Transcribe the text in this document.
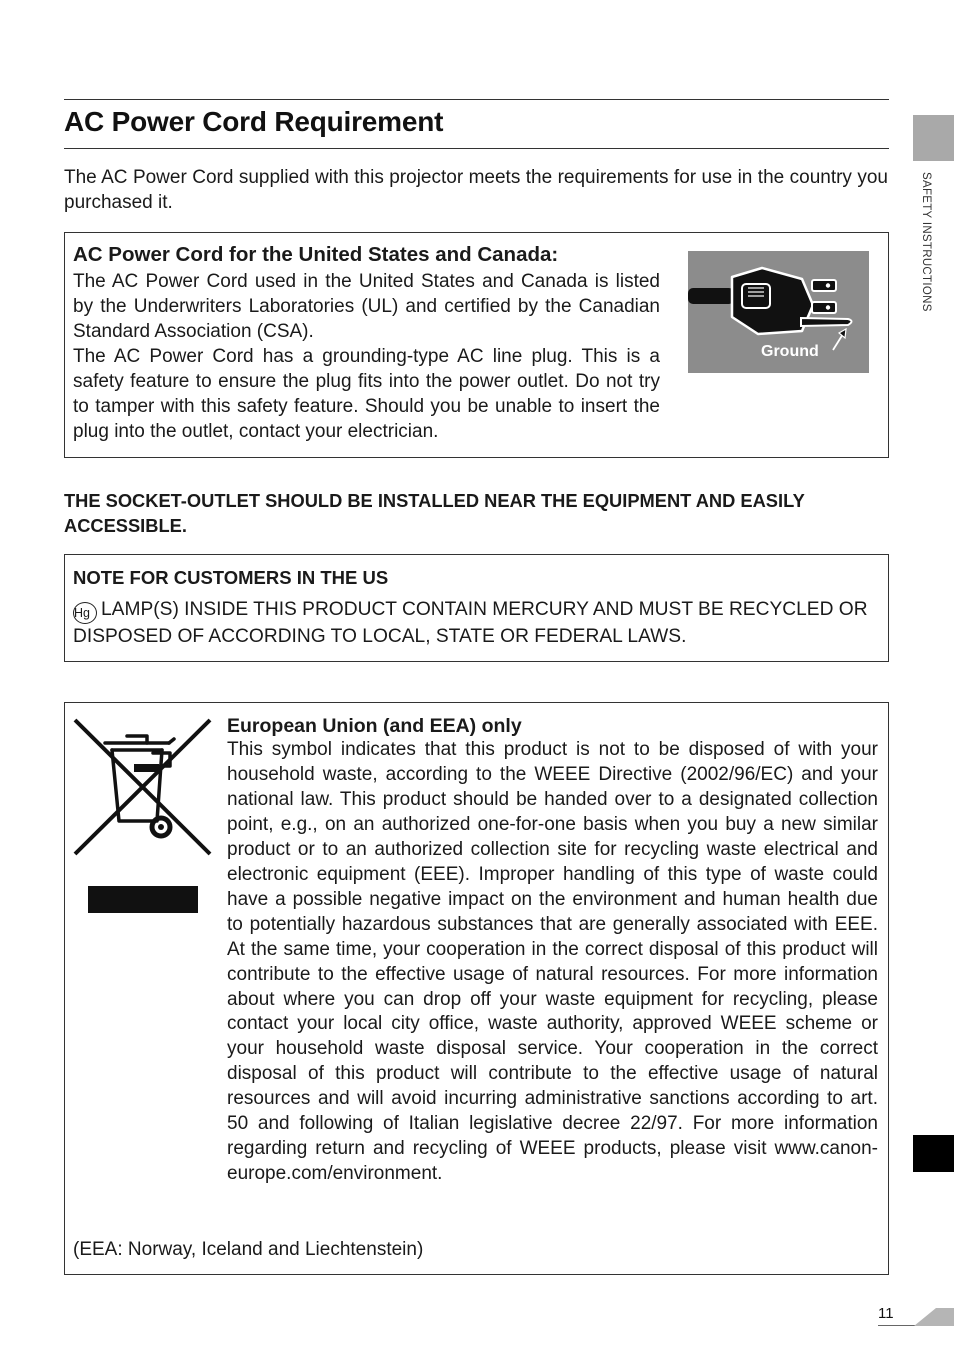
AC Power Cord Requirement

The AC Power Cord supplied with this projector meets the requirements for use in the country you purchased it.

AC Power Cord for the United States and Canada:

The AC Power Cord used in the United States and Canada is listed by the Underwriters Laboratories (UL) and certified by the Canadian Standard Association (CSA).

The AC Power Cord has a grounding-type AC line plug. This is a safety feature to ensure the plug fits into the power outlet. Do not try to tamper with this safety feature. Should you be unable to insert the plug into the outlet, contact your electrician.

Ground

THE SOCKET-OUTLET SHOULD BE INSTALLED NEAR THE EQUIPMENT AND EASILY ACCESSIBLE.

NOTE FOR CUSTOMERS IN THE US

Hg LAMP(S) INSIDE THIS PRODUCT CONTAIN MERCURY AND MUST BE RECYCLED OR DISPOSED OF ACCORDING TO LOCAL, STATE OR FEDERAL LAWS.

European Union (and EEA) only

This symbol indicates that this product is not to be disposed of with your household waste, according to the WEEE Directive (2002/96/EC) and your national law. This product should be handed over to a designated collection point, e.g., on an authorized one-for-one basis when you buy a new similar product or to an authorized collection site for recycling waste electrical and electronic equipment (EEE). Improper handling of this type of waste could have a possible negative impact on the environment and human health due to potentially hazardous substances that are generally associated with EEE. At the same time, your cooperation in the correct disposal of this product will contribute to the effective usage of natural resources. For more information about where you can drop off your waste equipment for recycling, please contact your local city office, waste authority, approved WEEE scheme or your household waste disposal service. Your cooperation in the correct disposal of this product will contribute to the effective usage of natural resources and will avoid incurring administrative sanctions according to art. 50 and following of Italian legislative decree 22/97. For more information regarding return and recycling of WEEE products, please visit www.canon-europe.com/environment.

(EEA: Norway, Iceland and Liechtenstein)

SAFETY INSTRUCTIONS
11
